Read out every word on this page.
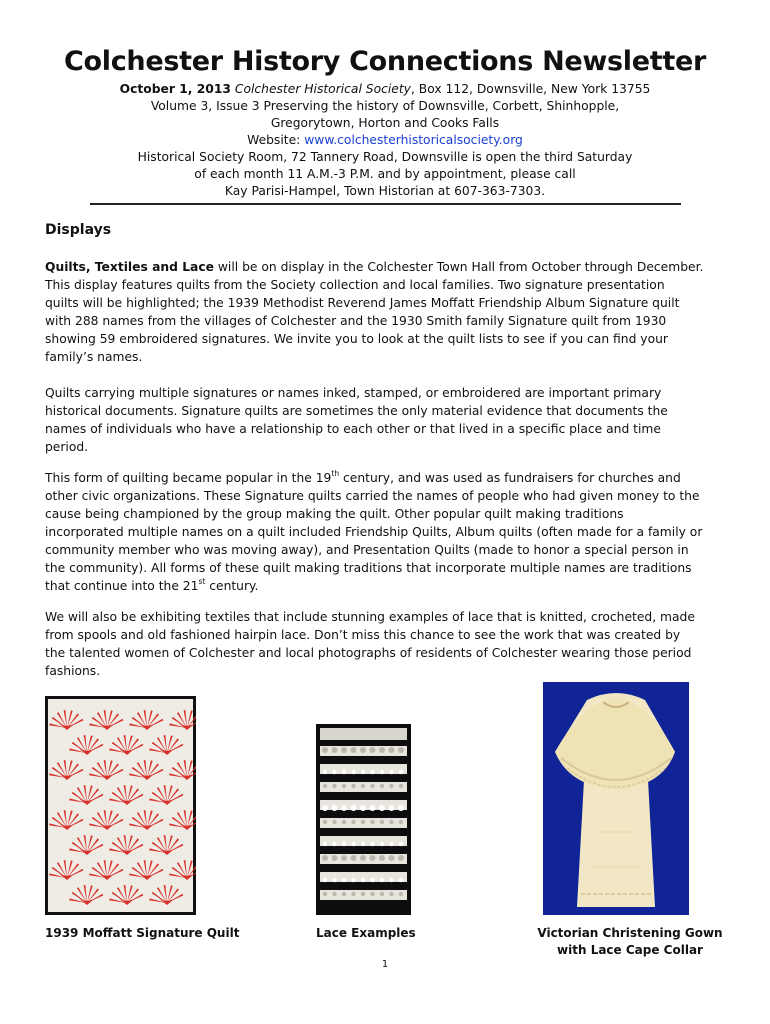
Colchester History Connections Newsletter
October 1, 2013 Colchester Historical Society, Box 112, Downsville, New York 13755
Volume 3, Issue 3 Preserving the history of Downsville, Corbett, Shinhopple,
Gregorytown, Horton and Cooks Falls
Website: www.colchesterhistoricalsociety.org
Historical Society Room, 72 Tannery Road, Downsville is open the third Saturday
of each month 11 A.M.-3 P.M. and by appointment, please call
Kay Parisi-Hampel, Town Historian at 607-363-7303.
Displays
Quilts, Textiles and Lace will be on display in the Colchester Town Hall from October through December.
This display features quilts from the Society collection and local families. Two signature presentation
quilts will be highlighted; the 1939 Methodist Reverend James Moffatt Friendship Album Signature quilt
with 288 names from the villages of Colchester and the 1930 Smith family Signature quilt from 1930
showing 59 embroidered signatures. We invite you to look at the quilt lists to see if you can find your
family’s names.
Quilts carrying multiple signatures or names inked, stamped, or embroidered are important primary
historical documents. Signature quilts are sometimes the only material evidence that documents the
names of individuals who have a relationship to each other or that lived in a specific place and time
period.
This form of quilting became popular in the 19th century, and was used as fundraisers for churches and
other civic organizations. These Signature quilts carried the names of people who had given money to the
cause being championed by the group making the quilt. Other popular quilt making traditions
incorporated multiple names on a quilt included Friendship Quilts, Album quilts (often made for a family or
community member who was moving away), and Presentation Quilts (made to honor a special person in
the community). All forms of these quilt making traditions that incorporate multiple names are traditions
that continue into the 21st century.
We will also be exhibiting textiles that include stunning examples of lace that is knitted, crocheted, made
from spools and old fashioned hairpin lace. Don’t miss this chance to see the work that was created by
the talented women of Colchester and local photographs of residents of Colchester wearing those period
fashions.
1939 Moffatt Signature Quilt	Lace Examples	Victorian Christening Gown
with Lace Cape Collar
1
